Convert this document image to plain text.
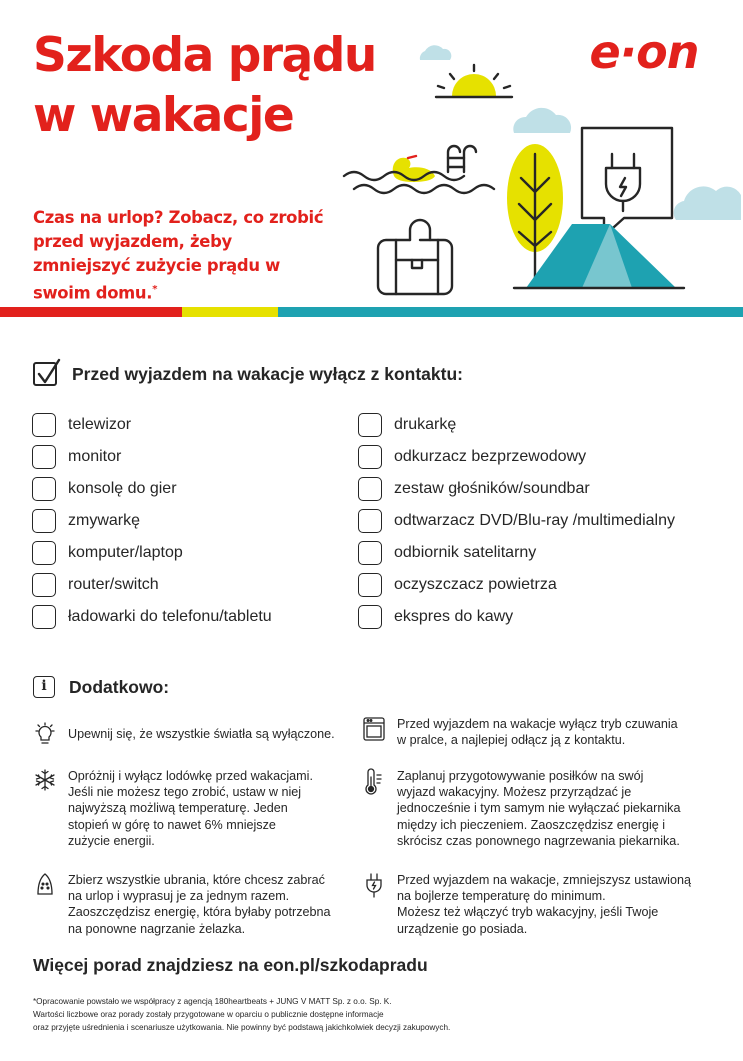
Szkoda prądu
w wakacje
e·on
Czas na urlop? Zobacz, co zrobić przed wyjazdem, żeby zmniejszyć zużycie prądu w swoim domu.*
Przed wyjazdem na wakacje wyłącz z kontaktu:
telewizor
monitor
konsolę do gier
zmywarkę
komputer/laptop
router/switch
ładowarki do telefonu/tabletu
drukarkę
odkurzacz bezprzewodowy
zestaw głośników/soundbar
odtwarzacz DVD/Blu-ray /multimedialny
odbiornik satelitarny
oczyszczacz powietrza
ekspres do kawy
i	Dodatkowo:
Upewnij się, że wszystkie światła są wyłączone.
Przed wyjazdem na wakacje wyłącz tryb czuwania
w pralce, a najlepiej odłącz ją z kontaktu.
Opróżnij i wyłącz lodówkę przed wakacjami.
Jeśli nie możesz tego zrobić, ustaw w niej
najwyższą możliwą temperaturę. Jeden
stopień w górę to nawet 6% mniejsze
zużycie energii.
Zaplanuj przygotowywanie posiłków na swój
wyjazd wakacyjny. Możesz przyrządzać je
jednocześnie i tym samym nie wyłączać piekarnika
między ich pieczeniem. Zaoszczędzisz energię i
skrócisz czas ponownego nagrzewania piekarnika.
Zbierz wszystkie ubrania, które chcesz zabrać
na urlop i wyprasuj je za jednym razem.
Zaoszczędzisz energię, która byłaby potrzebna
na ponowne nagrzanie żelazka.
Przed wyjazdem na wakacje, zmniejszysz ustawioną
na bojlerze temperaturę do minimum.
Możesz też włączyć tryb wakacyjny, jeśli Twoje
urządzenie go posiada.
Więcej porad znajdziesz na eon.pl/szkodapradu
*Opracowanie powstało we współpracy z agencją 180heartbeats + JUNG V MATT Sp. z o.o. Sp. K.
Wartości liczbowe oraz porady zostały przygotowane w oparciu o publicznie dostępne informacje
oraz przyjęte uśrednienia i scenariusze użytkowania. Nie powinny być podstawą jakichkolwiek decyzji zakupowych.
